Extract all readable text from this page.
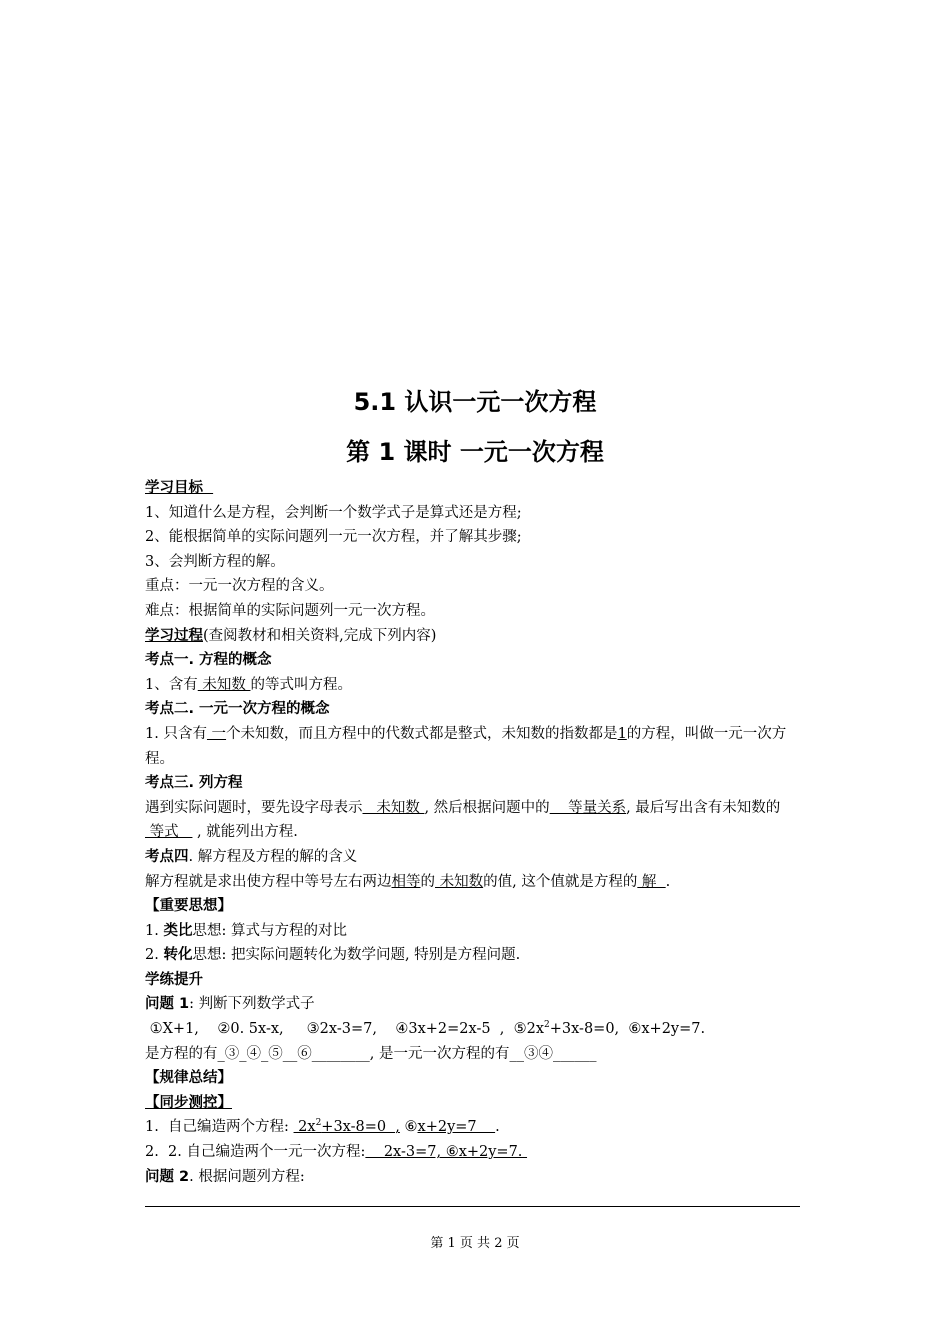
5.1 认识一元一次方程
第 1 课时 一元一次方程

学习目标

1、知道什么是方程，会判断一个数学式子是算式还是方程;

2、能根据简单的实际问题列一元一次方程，并了解其步骤;

3、会判断方程的解。

重点：一元一次方程的含义。

难点：根据简单的实际问题列一元一次方程。

学习过程(查阅教材和相关资料,完成下列内容)

考点一. 方程的概念

1、含有 未知数 的等式叫方程。

考点二. 一元一次方程的概念

1. 只含有 一个未知数，而且方程中的代数式都是整式，未知数的指数都是1的方程，叫做一元一次方程。

考点三. 列方程

遇到实际问题时，要先设字母表示   未知数 , 然后根据问题中的    等量关系, 最后写出含有未知数的 等式    , 就能列出方程.

考点四. 解方程及方程的解的含义

解方程就是求出使方程中等号左右两边相等的 未知数的值, 这个值就是方程的 解  .

【重要思想】

1. 类比思想: 算式与方程的对比

2. 转化思想: 把实际问题转化为数学问题, 特别是方程问题.

学练提升

问题 1: 判断下列数学式子

①X+1,    ②0. 5x-x,     ③2x-3=7,    ④3x+2=2x-5  ,  $⑤2x^2+3x-8=0$,  ⑥x+2y=7.

是方程的有_③_④_⑤__⑥________, 是一元一次方程的有__③④______

【规律总结】

【同步测控】

1.  自己编造两个方程:  $2x^2+3x-8=0$  , ⑥x+2y=7    .

2.  2. 自己编造两个一元一次方程:    2x-3=7, ⑥x+2y=7.

问题 2. 根据问题列方程:

第 1 页 共 2 页
